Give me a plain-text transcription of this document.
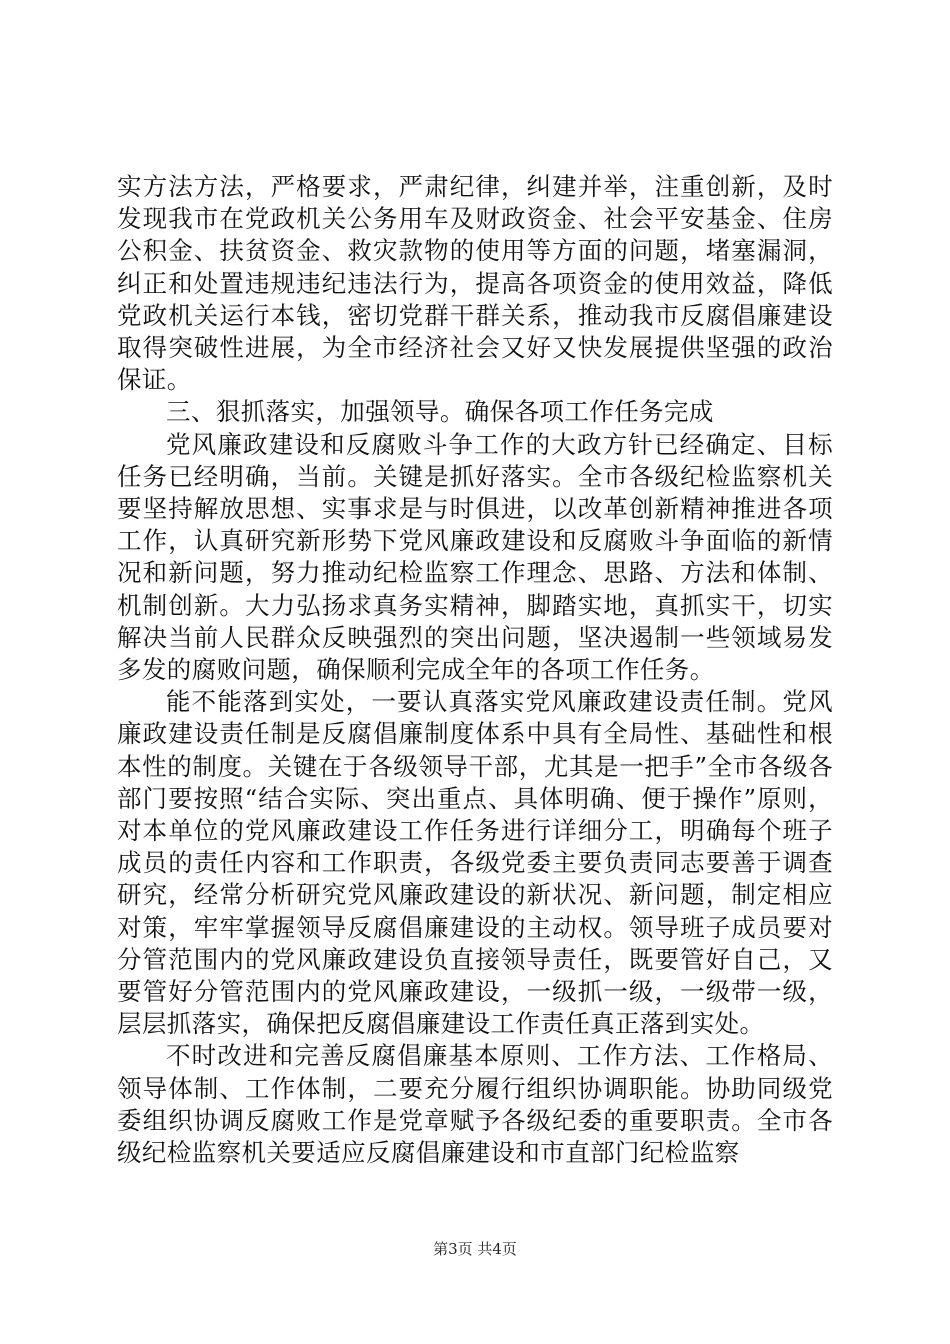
实方法方法，严格要求，严肃纪律，纠建并举，注重创新，及时发现我市在党政机关公务用车及财政资金、社会平安基金、住房公积金、扶贫资金、救灾款物的使用等方面的问题，堵塞漏洞，纠正和处置违规违纪违法行为，提高各项资金的使用效益，降低党政机关运行本钱，密切党群干群关系，推动我市反腐倡廉建设取得突破性进展，为全市经济社会又好又快发展提供坚强的政治保证。

三、狠抓落实，加强领导。确保各项工作任务完成

党风廉政建设和反腐败斗争工作的大政方针已经确定、目标任务已经明确，当前。关键是抓好落实。全市各级纪检监察机关要坚持解放思想、实事求是与时俱进，以改革创新精神推进各项工作，认真研究新形势下党风廉政建设和反腐败斗争面临的新情况和新问题，努力推动纪检监察工作理念、思路、方法和体制、机制创新。大力弘扬求真务实精神，脚踏实地，真抓实干，切实解决当前人民群众反映强烈的突出问题，坚决遏制一些领域易发多发的腐败问题，确保顺利完成全年的各项工作任务。

能不能落到实处，一要认真落实党风廉政建设责任制。党风廉政建设责任制是反腐倡廉制度体系中具有全局性、基础性和根本性的制度。关键在于各级领导干部，尤其是一把手”全市各级各部门要按照“结合实际、突出重点、具体明确、便于操作”原则，对本单位的党风廉政建设工作任务进行详细分工，明确每个班子成员的责任内容和工作职责，各级党委主要负责同志要善于调查研究，经常分析研究党风廉政建设的新状况、新问题，制定相应对策，牢牢掌握领导反腐倡廉建设的主动权。领导班子成员要对分管范围内的党风廉政建设负直接领导责任，既要管好自己，又要管好分管范围内的党风廉政建设，一级抓一级，一级带一级，层层抓落实，确保把反腐倡廉建设工作责任真正落到实处。

不时改进和完善反腐倡廉基本原则、工作方法、工作格局、领导体制、工作体制，二要充分履行组织协调职能。协助同级党委组织协调反腐败工作是党章赋予各级纪委的重要职责。全市各级纪检监察机关要适应反腐倡廉建设和市直部门纪检监察

第3页 共4页
